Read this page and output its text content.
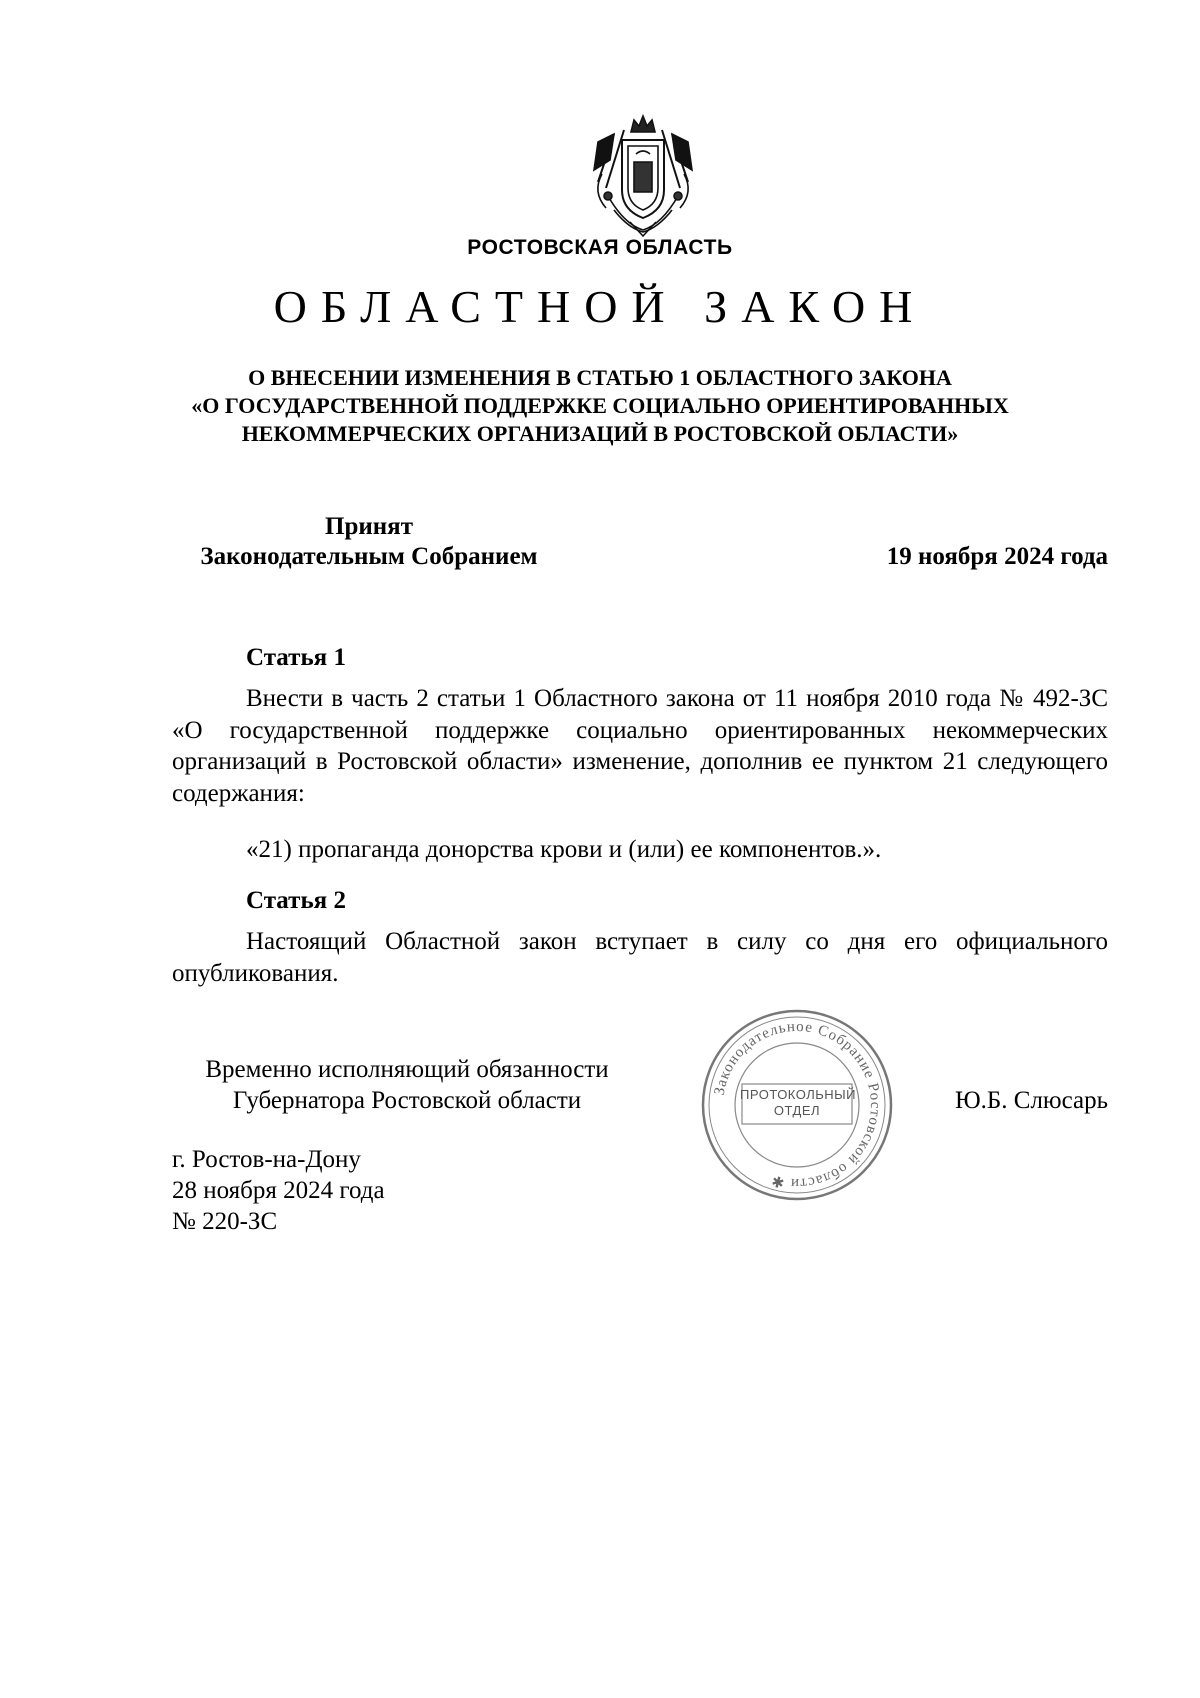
РОСТОВСКАЯ ОБЛАСТЬ
ОБЛАСТНОЙ ЗАКОН
О ВНЕСЕНИИ ИЗМЕНЕНИЯ В СТАТЬЮ 1 ОБЛАСТНОГО ЗАКОНА
«О ГОСУДАРСТВЕННОЙ ПОДДЕРЖКЕ СОЦИАЛЬНО ОРИЕНТИРОВАННЫХ
НЕКОММЕРЧЕСКИХ ОРГАНИЗАЦИЙ В РОСТОВСКОЙ ОБЛАСТИ»
Принят
Законодательным Собранием	19 ноября 2024 года
Статья 1
Внести в часть 2 статьи 1 Областного закона от 11 ноября 2010 года № 492-ЗС «О государственной поддержке социально ориентированных некоммерческих организаций в Ростовской области» изменение, дополнив ее пунктом 21 следующего содержания:
«21) пропаганда донорства крови и (или) ее компонентов.».
Статья 2
Настоящий Областной закон вступает в силу со дня его официального опубликования.
Временно исполняющий обязанности
Губернатора Ростовской области	Законодательное Собрание Ростовской области ✱
ПРОТОКОЛЬНЫЙ
ОТДЕЛ	Ю.Б. Слюсарь
г. Ростов-на-Дону
28 ноября 2024 года
№ 220-ЗС
